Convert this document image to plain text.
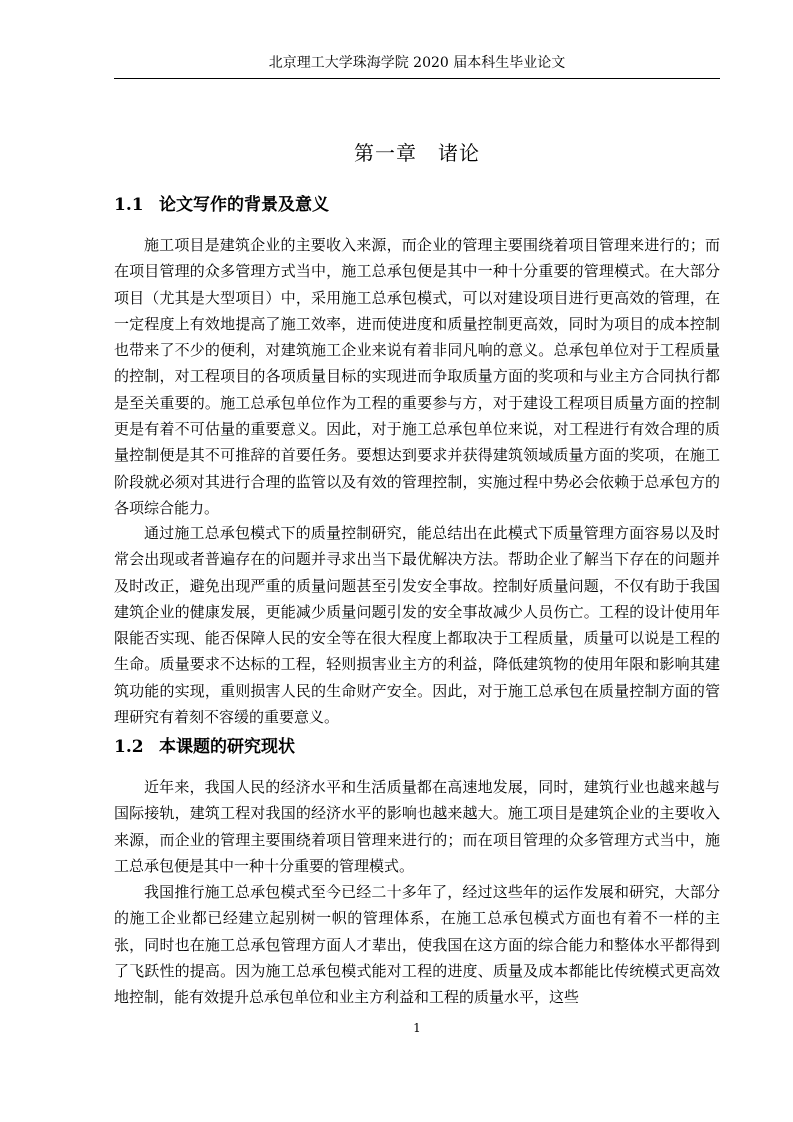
北京理工大学珠海学院 2020 届本科生毕业论文
第一章　诸论
1.1 论文写作的背景及意义

施工项目是建筑企业的主要收入来源，而企业的管理主要围绕着项目管理来进行的；而在项目管理的众多管理方式当中，施工总承包便是其中一种十分重要的管理模式。在大部分项目（尤其是大型项目）中，采用施工总承包模式，可以对建设项目进行更高效的管理，在一定程度上有效地提高了施工效率，进而使进度和质量控制更高效，同时为项目的成本控制也带来了不少的便利，对建筑施工企业来说有着非同凡响的意义。总承包单位对于工程质量的控制，对工程项目的各项质量目标的实现进而争取质量方面的奖项和与业主方合同执行都是至关重要的。施工总承包单位作为工程的重要参与方，对于建设工程项目质量方面的控制更是有着不可估量的重要意义。因此，对于施工总承包单位来说，对工程进行有效合理的质量控制便是其不可推辞的首要任务。要想达到要求并获得建筑领域质量方面的奖项，在施工阶段就必须对其进行合理的监管以及有效的管理控制，实施过程中势必会依赖于总承包方的各项综合能力。

通过施工总承包模式下的质量控制研究，能总结出在此模式下质量管理方面容易以及时常会出现或者普遍存在的问题并寻求出当下最优解决方法。帮助企业了解当下存在的问题并及时改正，避免出现严重的质量问题甚至引发安全事故。控制好质量问题，不仅有助于我国建筑企业的健康发展，更能减少质量问题引发的安全事故减少人员伤亡。工程的设计使用年限能否实现、能否保障人民的安全等在很大程度上都取决于工程质量，质量可以说是工程的生命。质量要求不达标的工程，轻则损害业主方的利益，降低建筑物的使用年限和影响其建筑功能的实现，重则损害人民的生命财产安全。因此，对于施工总承包在质量控制方面的管理研究有着刻不容缓的重要意义。

1.2 本课题的研究现状

近年来，我国人民的经济水平和生活质量都在高速地发展，同时，建筑行业也越来越与国际接轨，建筑工程对我国的经济水平的影响也越来越大。施工项目是建筑企业的主要收入来源，而企业的管理主要围绕着项目管理来进行的；而在项目管理的众多管理方式当中，施工总承包便是其中一种十分重要的管理模式。

我国推行施工总承包模式至今已经二十多年了，经过这些年的运作发展和研究，大部分的施工企业都已经建立起别树一帜的管理体系，在施工总承包模式方面也有着不一样的主张，同时也在施工总承包管理方面人才辈出，使我国在这方面的综合能力和整体水平都得到了飞跃性的提高。因为施工总承包模式能对工程的进度、质量及成本都能比传统模式更高效地控制，能有效提升总承包单位和业主方利益和工程的质量水平，这些

1
